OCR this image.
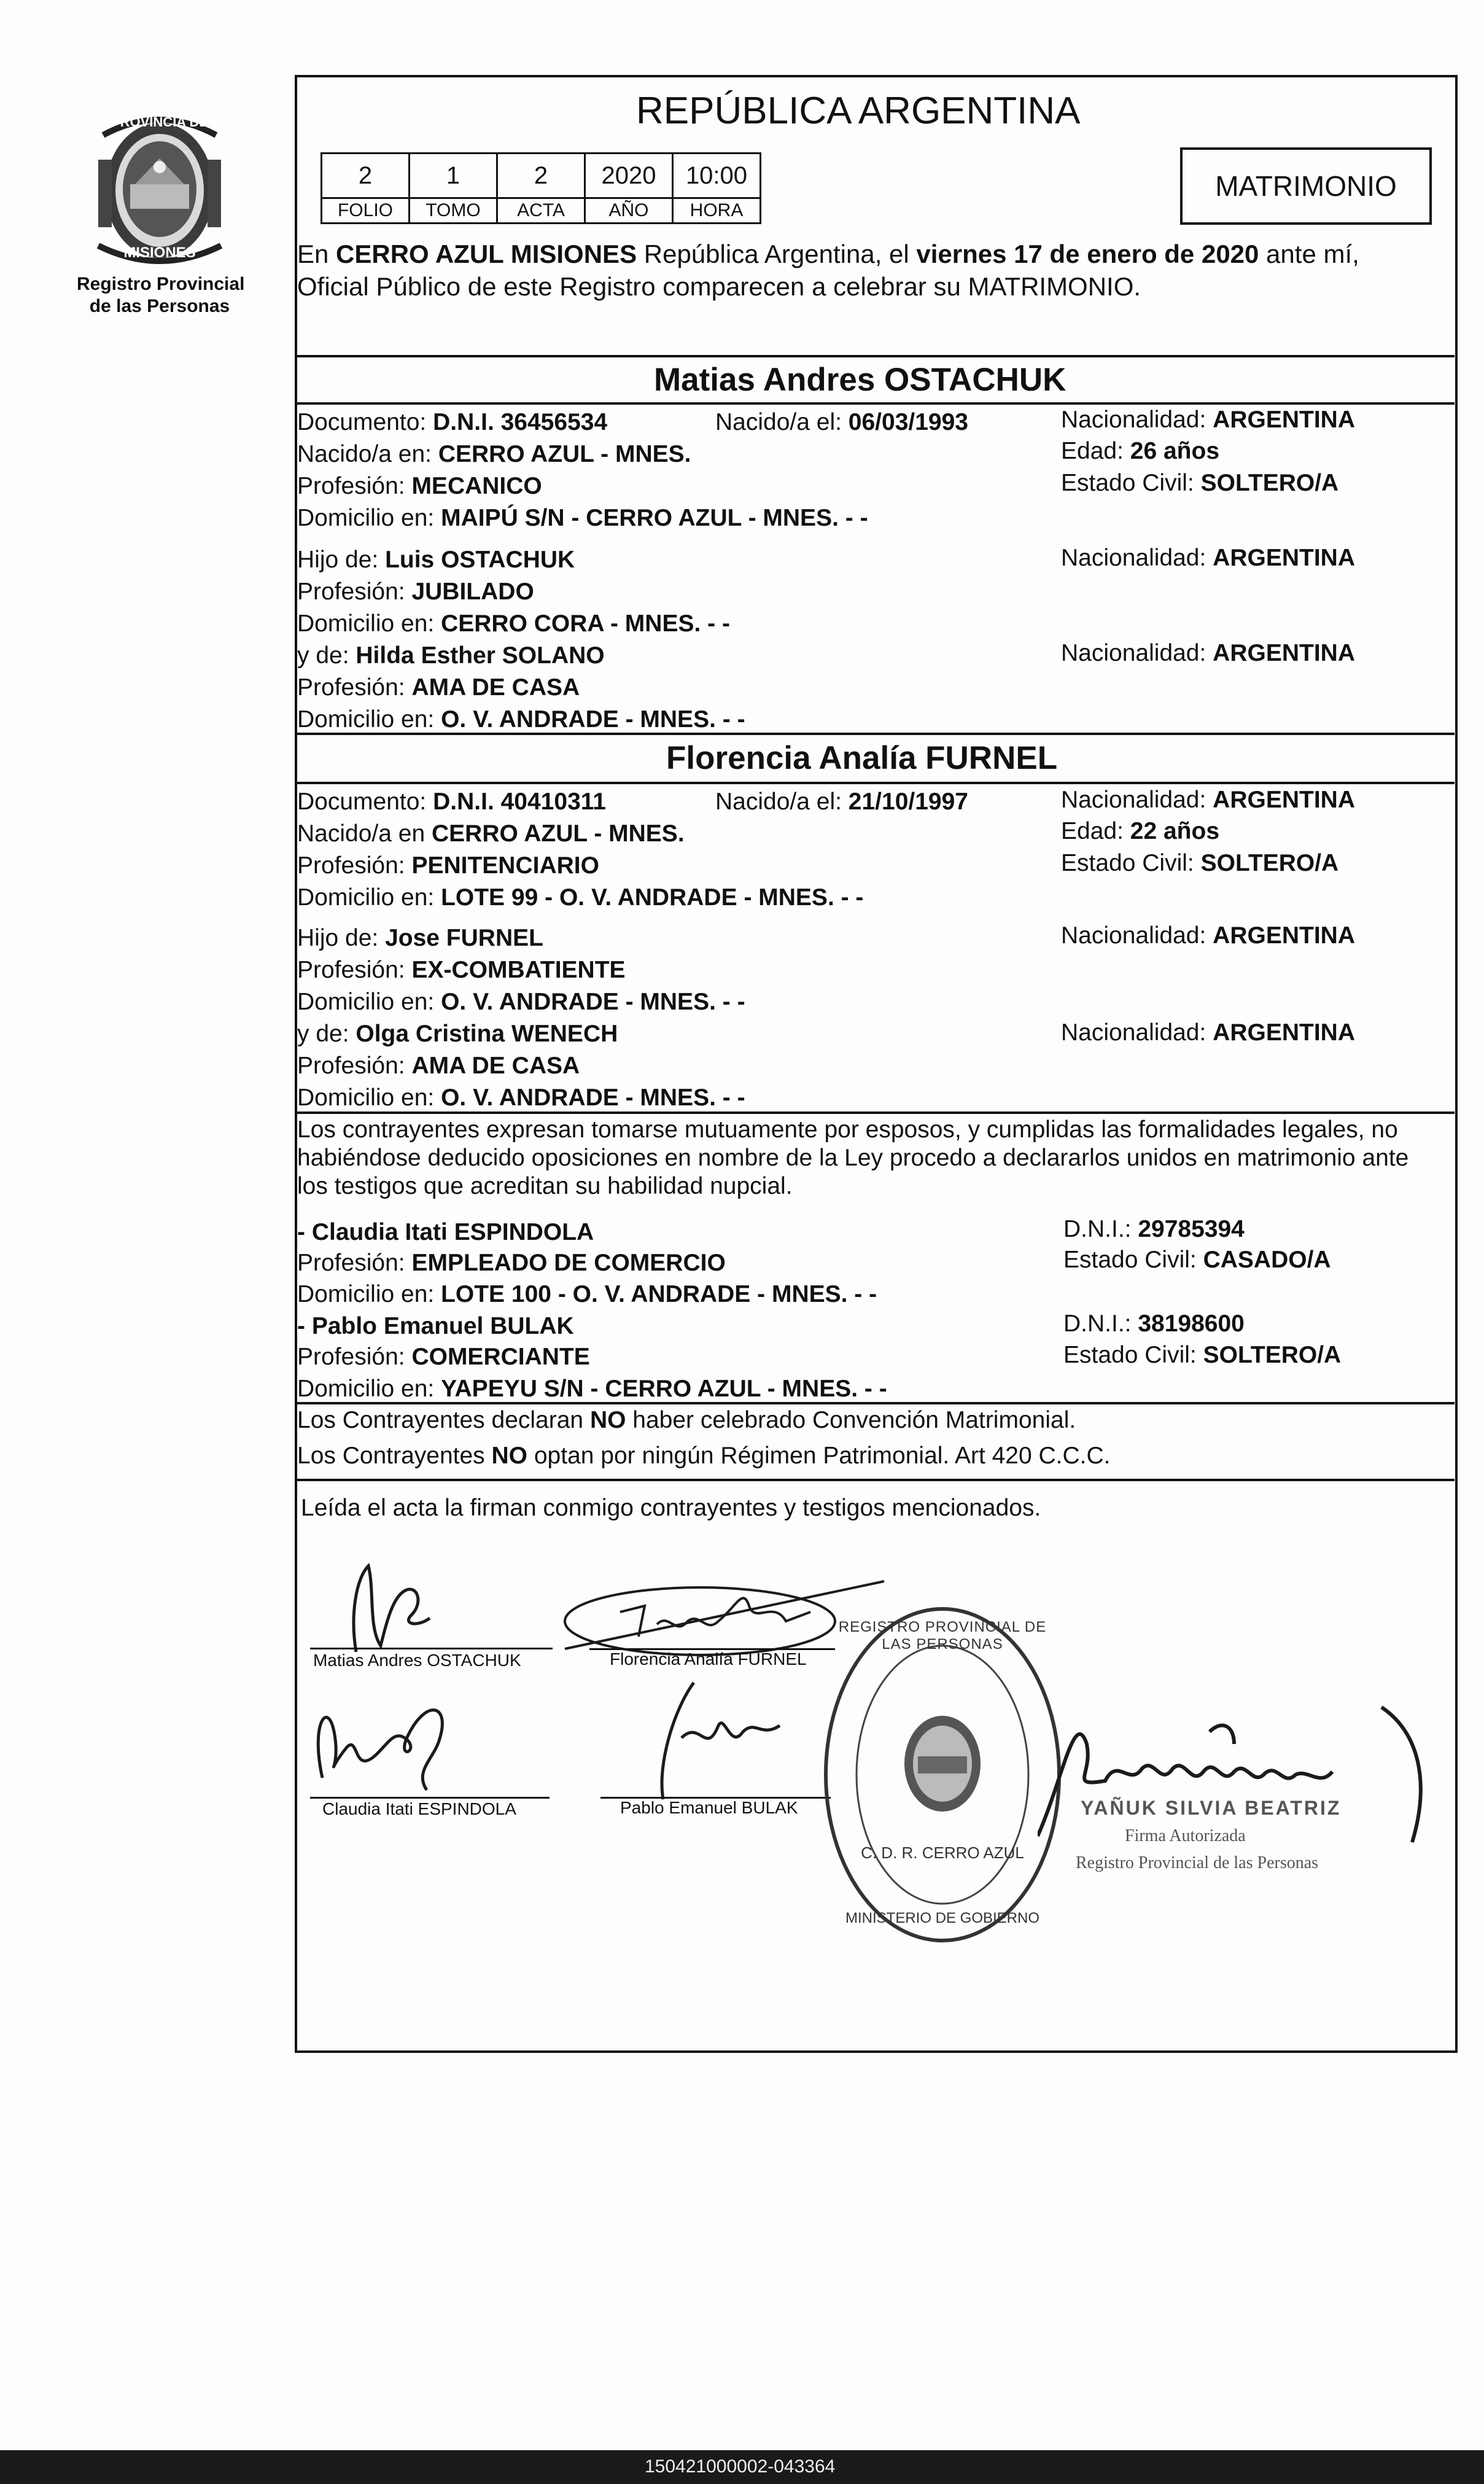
PROVINCIA DE
MISIONES
Registro Provincial
de las Personas
REPÚBLICA ARGENTINA
2	1	2	2020	10:00
FOLIO	TOMO	ACTA	AÑO	HORA
MATRIMONIO
En CERRO AZUL MISIONES República Argentina, el viernes 17 de enero de 2020 ante mí,
Oficial Público de este Registro comparecen a celebrar su MATRIMONIO.
Matias Andres OSTACHUK
Documento: D.N.I. 36456534	Nacido/a el: 06/03/1993	Nacionalidad: ARGENTINA
Nacido/a en: CERRO AZUL - MNES.	Edad: 26 años
Profesión: MECANICO	Estado Civil: SOLTERO/A
Domicilio en: MAIPÚ S/N - CERRO AZUL - MNES. - -
Hijo de: Luis OSTACHUK	Nacionalidad: ARGENTINA
Profesión: JUBILADO
Domicilio en: CERRO CORA - MNES. - -
y de: Hilda Esther SOLANO	Nacionalidad: ARGENTINA
Profesión: AMA DE CASA
Domicilio en: O. V. ANDRADE - MNES. - -
Florencia Analía FURNEL
Documento: D.N.I. 40410311	Nacido/a el: 21/10/1997	Nacionalidad: ARGENTINA
Nacido/a en CERRO AZUL - MNES.	Edad: 22 años
Profesión: PENITENCIARIO	Estado Civil: SOLTERO/A
Domicilio en: LOTE 99 - O. V. ANDRADE - MNES. - -
Hijo de: Jose FURNEL	Nacionalidad: ARGENTINA
Profesión: EX-COMBATIENTE
Domicilio en: O. V. ANDRADE - MNES. - -
y de: Olga Cristina WENECH	Nacionalidad: ARGENTINA
Profesión: AMA DE CASA
Domicilio en: O. V. ANDRADE - MNES. - -
Los contrayentes expresan tomarse mutuamente por esposos, y cumplidas las formalidades legales, no
habiéndose deducido oposiciones en nombre de la Ley procedo a declararlos unidos en matrimonio ante
los testigos que acreditan su habilidad nupcial.
- Claudia Itati ESPINDOLA	D.N.I.: 29785394
Profesión: EMPLEADO DE COMERCIO	Estado Civil: CASADO/A
Domicilio en: LOTE 100 - O. V. ANDRADE - MNES. - -
- Pablo Emanuel BULAK	D.N.I.: 38198600
Profesión: COMERCIANTE	Estado Civil: SOLTERO/A
Domicilio en: YAPEYU S/N - CERRO AZUL - MNES. - -
Los Contrayentes declaran NO haber celebrado Convención Matrimonial.
Los Contrayentes NO optan por ningún Régimen Patrimonial. Art 420 C.C.C.
Leída el acta la firman conmigo contrayentes y testigos mencionados.
Matias Andres OSTACHUK	Florencia Analía FURNEL
Claudia Itati ESPINDOLA	Pablo Emanuel BULAK
REGISTRO PROVINCIAL DE LAS PERSONAS
C. D. R. CERRO AZUL
MINISTERIO DE GOBIERNO
YAÑUK SILVIA BEATRIZ
Firma Autorizada
Registro Provincial de las Personas
150421000002-043364
